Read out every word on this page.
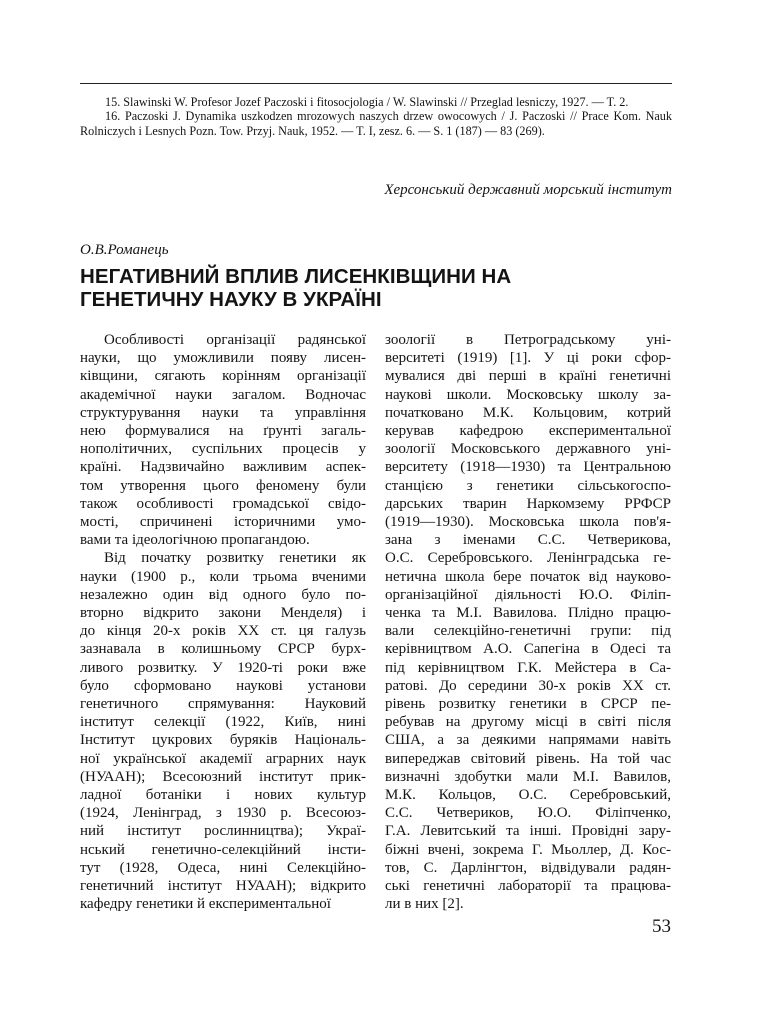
15. Slawinski W. Profesor Jozef Paczoski i fitosocjologia / W. Slawinski // Przeglad lesniczy, 1927. — T. 2.
16. Paczoski J. Dynamika uszkodzen mrozowych naszych drzew owocowych / J. Paczoski // Prace Kom. Nauk Rolniczych i Lesnych Pozn. Tow. Przyj. Nauk, 1952. — T. I, zesz. 6. — S. 1 (187) — 83 (269).
Херсонський державний морський інститут
О.В.Романець
НЕГАТИВНИЙ ВПЛИВ ЛИСЕНКІВЩИНИ НА
ГЕНЕТИЧНУ НАУКУ В УКРАЇНІ
Особливості організації радянської
науки, що уможливили появу лисен-
ківщини, сягають корінням організації
академічної науки загалом. Водночас
структурування науки та управління
нею формувалися на ґрунті загаль-
нополітичних, суспільних процесів у
країні. Надзвичайно важливим аспек-
том утворення цього феномену були
також особливості громадської свідо-
мості, спричинені історичними умо-
вами та ідеологічною пропагандою.
Від початку розвитку генетики як
науки (1900 р., коли трьома вченими
незалежно один від одного було по-
вторно відкрито закони Менделя) і
до кінця 20-х років XX ст. ця галузь
зазнавала в колишньому СРСР бурх-
ливого розвитку. У 1920-ті роки вже
було сформовано наукові установи
генетичного спрямування: Науковий
інститут селекції (1922, Київ, нині
Інститут цукрових буряків Національ-
ної української академії аграрних наук
(НУААН); Всесоюзний інститут прик-
ладної ботаніки і нових культур
(1924, Ленінград, з 1930 р. Всесоюз-
ний інститут рослинництва); Украї-
нський генетично-селекційний інсти-
тут (1928, Одеса, нині Селекційно-
генетичний інститут НУААН); відкрито
кафедру генетики й експериментальної
зоології в Петроградському уні-
верситеті (1919) [1]. У ці роки сфор-
мувалися дві перші в країні генетичні
наукові школи. Московську школу за-
початковано М.К. Кольцовим, котрий
керував кафедрою експериментальної
зоології Московського державного уні-
верситету (1918—1930) та Центральною
станцією з генетики сільськогоспо-
дарських тварин Наркомзему РРФСР
(1919—1930). Московська школа пов'я-
зана з іменами С.С. Четверикова,
О.С. Серебровського. Ленінградська ге-
нетична школа бере початок від науково-
організаційної діяльності Ю.О. Філіп-
ченка та М.І. Вавилова. Плідно працю-
вали селекційно-генетичні групи: під
керівництвом А.О. Сапегіна в Одесі та
під керівництвом Г.К. Мейстера в Са-
ратові. До середини 30-х років XX ст.
рівень розвитку генетики в СРСР пе-
ребував на другому місці в світі після
США, а за деякими напрямами навіть
випереджав світовий рівень. На той час
визначні здобутки мали М.І. Вавилов,
М.К. Кольцов, О.С. Серебровський,
С.С. Четвериков, Ю.О. Філіпченко,
Г.А. Левитський та інші. Провідні зару-
біжні вчені, зокрема Г. Мьоллер, Д. Кос-
тов, С. Дарлінгтон, відвідували радян-
ські генетичні лабораторії та працюва-
ли в них [2].
53
